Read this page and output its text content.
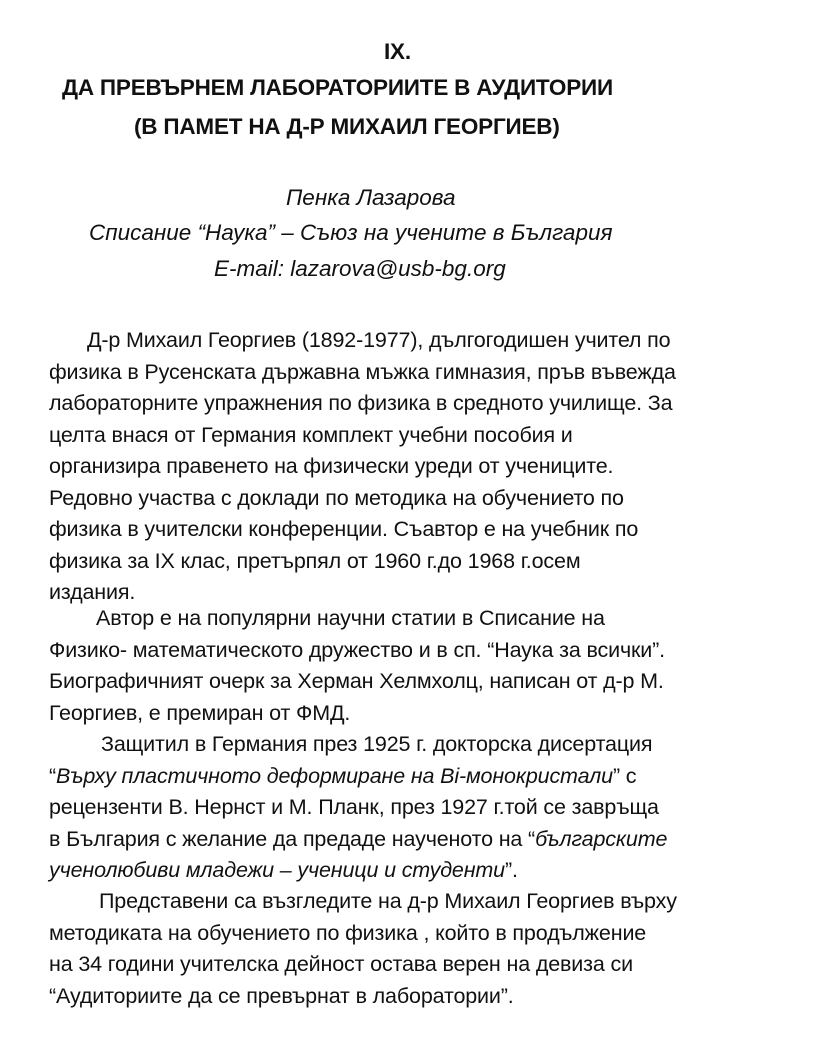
IX.
ДА ПРЕВЪРНЕМ ЛАБОРАТОРИИТЕ В АУДИТОРИИ
(В ПАМЕТ НА Д-Р МИХАИЛ ГЕОРГИЕВ)
Пенка Лазарова
Списание “Наука” – Съюз на учените в България
E-mail: lazarova@usb-bg.org

Д-р Михаил Георгиев (1892-1977), дългогодишен учител по
физика в Русенската държавна мъжка гимназия, пръв въвежда
лабораторните упражнения по физика в средното училище. За
целта внася от Германия комплект учебни пособия и
организира правенето на физически уреди от учениците.
Редовно участва с доклади по методика на обучението по
физика в учителски конференции. Съавтор е на учебник по
физика за IX клас, претърпял от 1960 г.до 1968 г.осем
издания.

Автор е на популярни научни статии в Списание на
Физико- математическото дружество и в сп. “Наука за всички”.
Биографичният очерк за Херман Хелмхолц, написан от д-р М.
Георгиев, е премиран от ФМД.

Защитил в Германия през 1925 г. докторска дисертация
“Върху пластичното деформиране на Bi-монокристали” с
рецензенти В. Нернст и М. Планк, през 1927 г.той се завръща
в България с желание да предаде наученото на “българските
ученолюбиви младежи – ученици и студенти”.

Представени са възгледите на д-р Михаил Георгиев върху
методиката на обучението по физика , който в продължение
на 34 години учителска дейност остава верен на девиза си
“Аудиториите да се превърнат в лаборатории”.
